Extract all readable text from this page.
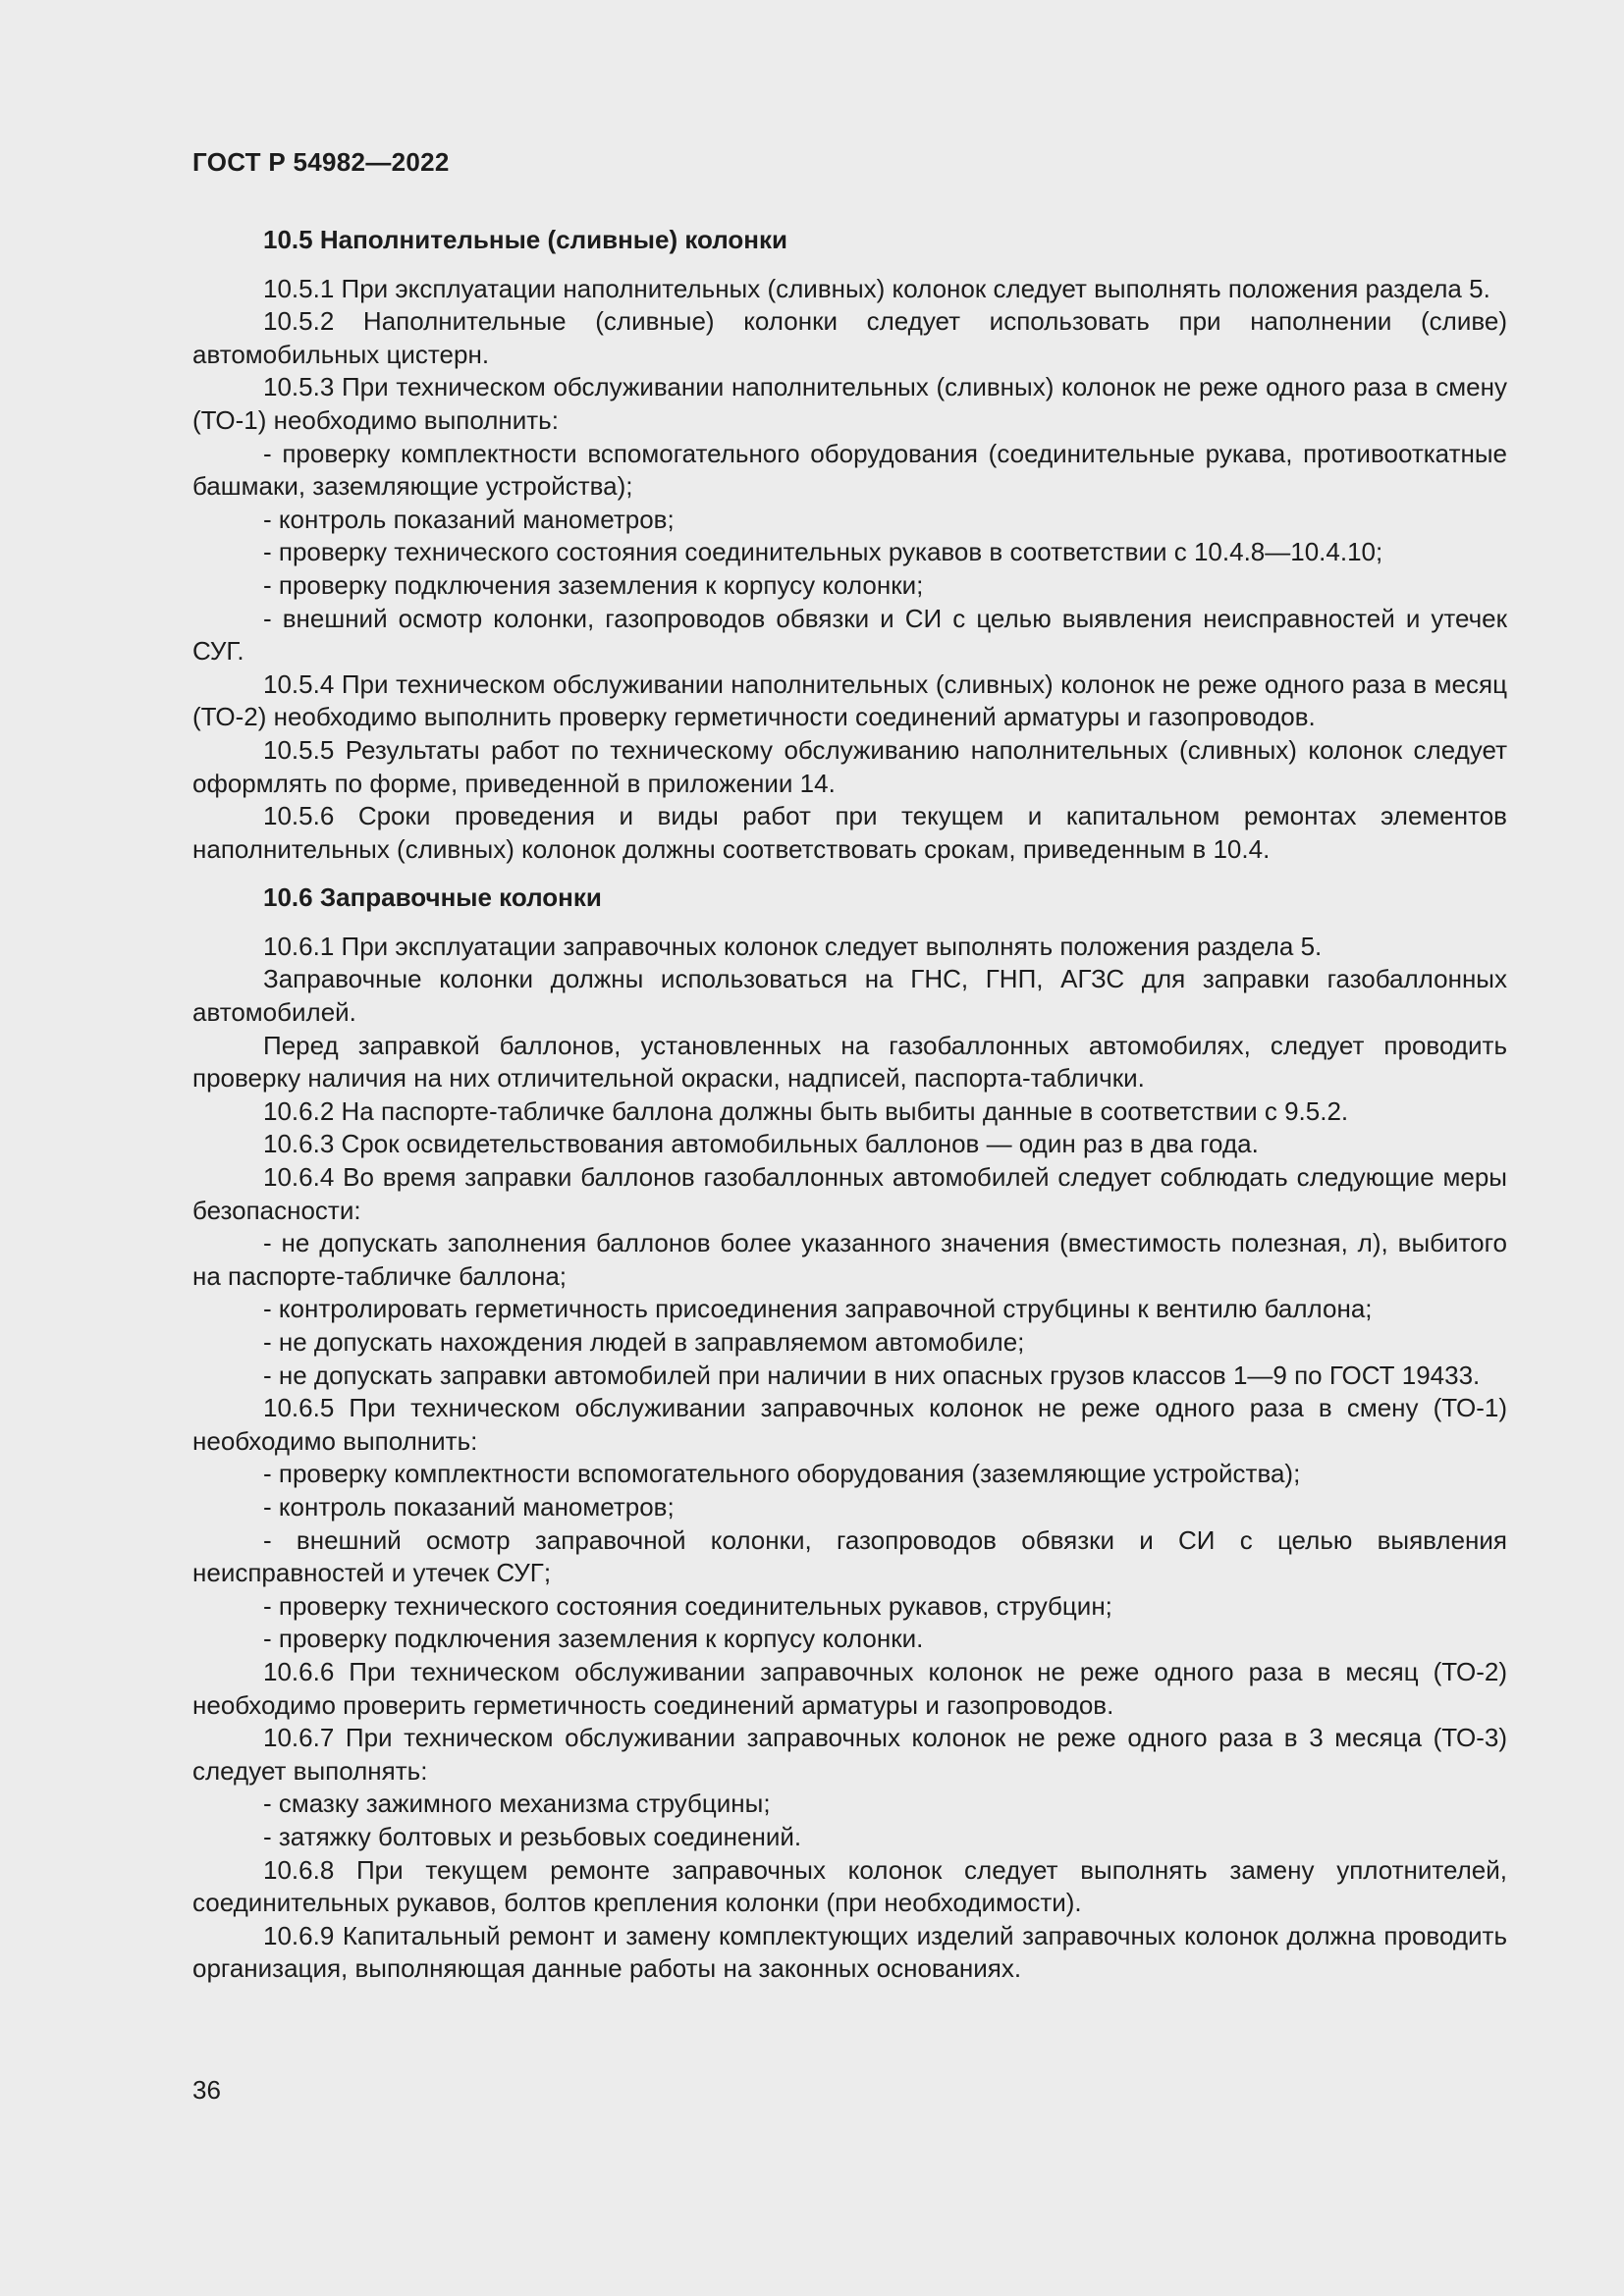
ГОСТ Р 54982—2022

10.5 Наполнительные (сливные) колонки

10.5.1 При эксплуатации наполнительных (сливных) колонок следует выполнять положения раздела 5.

10.5.2 Наполнительные (сливные) колонки следует использовать при наполнении (сливе) автомобильных цистерн.

10.5.3 При техническом обслуживании наполнительных (сливных) колонок не реже одного раза в смену (ТО-1) необходимо выполнить:

- проверку комплектности вспомогательного оборудования (соединительные рукава, противооткатные башмаки, заземляющие устройства);

- контроль показаний манометров;

- проверку технического состояния соединительных рукавов в соответствии с 10.4.8—10.4.10;

- проверку подключения заземления к корпусу колонки;

- внешний осмотр колонки, газопроводов обвязки и СИ с целью выявления неисправностей и утечек СУГ.

10.5.4 При техническом обслуживании наполнительных (сливных) колонок не реже одного раза в месяц (ТО-2) необходимо выполнить проверку герметичности соединений арматуры и газопроводов.

10.5.5 Результаты работ по техническому обслуживанию наполнительных (сливных) колонок следует оформлять по форме, приведенной в приложении 14.

10.5.6 Сроки проведения и виды работ при текущем и капитальном ремонтах элементов наполнительных (сливных) колонок должны соответствовать срокам, приведенным в 10.4.

10.6 Заправочные колонки

10.6.1 При эксплуатации заправочных колонок следует выполнять положения раздела 5.

Заправочные колонки должны использоваться на ГНС, ГНП, АГЗС для заправки газобаллонных автомобилей.

Перед заправкой баллонов, установленных на газобаллонных автомобилях, следует проводить проверку наличия на них отличительной окраски, надписей, паспорта-таблички.

10.6.2 На паспорте-табличке баллона должны быть выбиты данные в соответствии с 9.5.2.

10.6.3 Срок освидетельствования автомобильных баллонов — один раз в два года.

10.6.4 Во время заправки баллонов газобаллонных автомобилей следует соблюдать следующие меры безопасности:

- не допускать заполнения баллонов более указанного значения (вместимость полезная, л), выбитого на паспорте-табличке баллона;

- контролировать герметичность присоединения заправочной струбцины к вентилю баллона;

- не допускать нахождения людей в заправляемом автомобиле;

- не допускать заправки автомобилей при наличии в них опасных грузов классов 1—9 по ГОСТ 19433.

10.6.5 При техническом обслуживании заправочных колонок не реже одного раза в смену (ТО-1) необходимо выполнить:

- проверку комплектности вспомогательного оборудования (заземляющие устройства);

- контроль показаний манометров;

- внешний осмотр заправочной колонки, газопроводов обвязки и СИ с целью выявления неисправностей и утечек СУГ;

- проверку технического состояния соединительных рукавов, струбцин;

- проверку подключения заземления к корпусу колонки.

10.6.6 При техническом обслуживании заправочных колонок не реже одного раза в месяц (ТО-2) необходимо проверить герметичность соединений арматуры и газопроводов.

10.6.7 При техническом обслуживании заправочных колонок не реже одного раза в 3 месяца (ТО-3) следует выполнять:

- смазку зажимного механизма струбцины;

- затяжку болтовых и резьбовых соединений.

10.6.8 При текущем ремонте заправочных колонок следует выполнять замену уплотнителей, соединительных рукавов, болтов крепления колонки (при необходимости).

10.6.9 Капитальный ремонт и замену комплектующих изделий заправочных колонок должна проводить организация, выполняющая данные работы на законных основаниях.

36
